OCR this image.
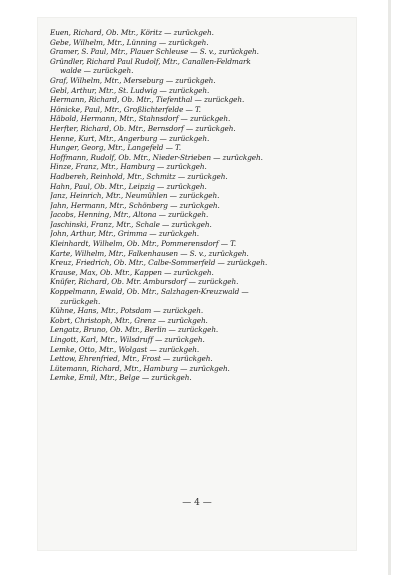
Euen, Richard, Ob. Mtr., Köritz — zurückgeh.
Gebe, Wilhelm, Mtr., Lünning — zurückgeh.
Gramer, S. Paul, Mtr., Plauer Schleuse — S. v., zurückgeh.
Gründler, Richard Paul Rudolf, Mtr., Canallen-Feldmark
walde — zurückgeh.
Graf, Wilhelm, Mtr., Merseburg — zurückgeh.
Gebl, Arthur, Mtr., St. Ludwig — zurückgeh.
Hermann, Richard, Ob. Mtr., Tiefenthal — zurückgeh.
Hönicke, Paul, Mtr., Großlichterfelde — T.
Häbold, Hermann, Mtr., Stahnsdorf — zurückgeh.
Herfter, Richard, Ob. Mtr., Bernsdorf — zurückgeh.
Henne, Kurt, Mtr., Angerburg — zurückgeh.
Hunger, Georg, Mtr., Langefeld — T.
Hoffmann, Rudolf, Ob. Mtr., Nieder-Strieben — zurückgeh.
Hinze, Franz, Mtr., Hamburg — zurückgeh.
Hadbereh, Reinhold, Mtr., Schmitz — zurückgeh.
Hahn, Paul, Ob. Mtr., Leipzig — zurückgeh.
Janz, Heinrich, Mtr., Neumühlen — zurückgeh.
Jahn, Hermann, Mtr., Schönberg — zurückgeh.
Jacobs, Henning, Mtr., Altona — zurückgeh.
Jaschinski, Franz, Mtr., Schale — zurückgeh.
John, Arthur, Mtr., Grimma — zurückgeh.
Kleinhardt, Wilhelm, Ob. Mtr., Pommerensdorf — T.
Karte, Wilhelm, Mtr., Falkenhausen — S. v., zurückgeh.
Kreuz, Friedrich, Ob. Mtr., Calbe-Sommerfeld — zurückgeh.
Krause, Max, Ob. Mtr., Kappen — zurückgeh.
Knüfer, Richard, Ob. Mtr. Ambursdorf — zurückgeh.
Koppelmann, Ewald, Ob. Mtr., Salzhagen-Kreuzwald —
zurückgeh.
Kühne, Hans, Mtr., Potsdam — zurückgeh.
Kobrt, Christoph, Mtr., Grenz — zurückgeh.
Lengatz, Bruno, Ob. Mtr., Berlin — zurückgeh.
Lingott, Karl, Mtr., Wilsdruff — zurückgeh.
Lemke, Otto, Mtr., Wolgast — zurückgeh.
Lettow, Ehrenfried, Mtr., Frost — zurückgeh.
Lütemann, Richard, Mtr., Hamburg — zurückgeh.
Lemke, Emil, Mtr., Belge — zurückgeh.
— 4 —
